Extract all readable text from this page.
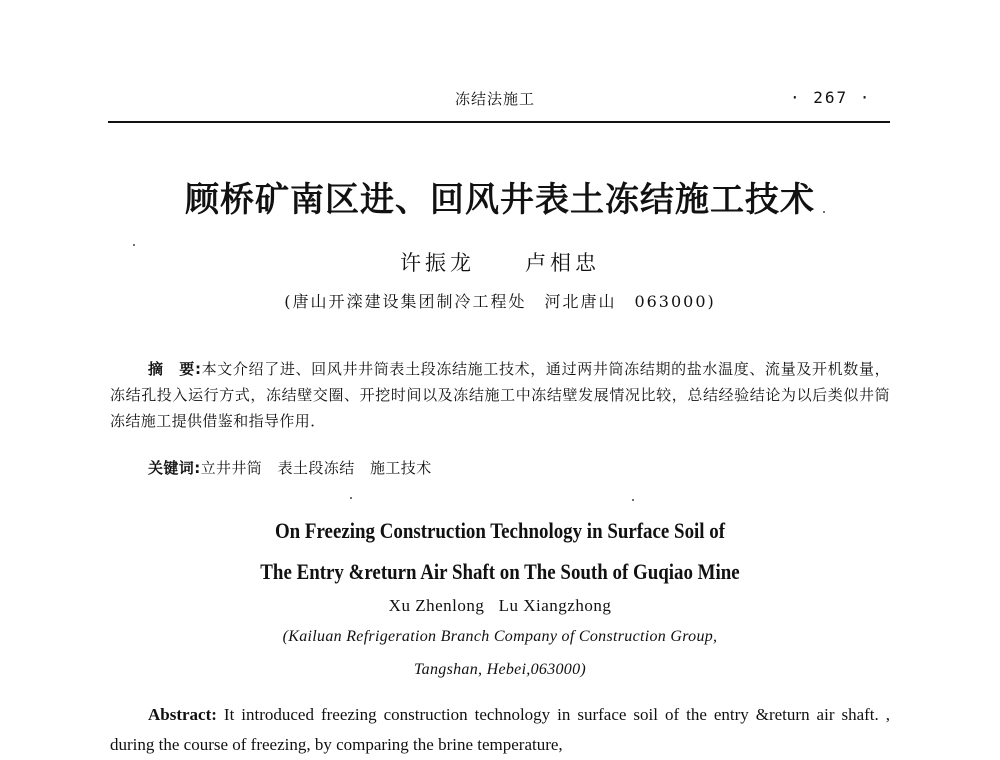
冻结法施工	· 267 ·
顾桥矿南区进、回风井表土冻结施工技术
许振龙　　卢相忠
(唐山开滦建设集团制冷工程处　河北唐山　063000)
摘　要:本文介绍了进、回风井井筒表土段冻结施工技术，通过两井筒冻结期的盐水温度、流量及开机数量，冻结孔投入运行方式，冻结壁交圈、开挖时间以及冻结施工中冻结壁发展情况比较，总结经验结论为以后类似井筒冻结施工提供借鉴和指导作用．
关键词:立井井筒　表土段冻结　施工技术
On Freezing Construction Technology in Surface Soil of
The Entry &return Air Shaft on The South of Guqiao Mine
Xu Zhenlong   Lu Xiangzhong
(Kailuan Refrigeration Branch Company of Construction Group,
Tangshan, Hebei,063000)
Abstract: It introduced freezing construction technology in surface soil of the entry &return air shaft. , during the course of freezing, by comparing the brine temperature,
